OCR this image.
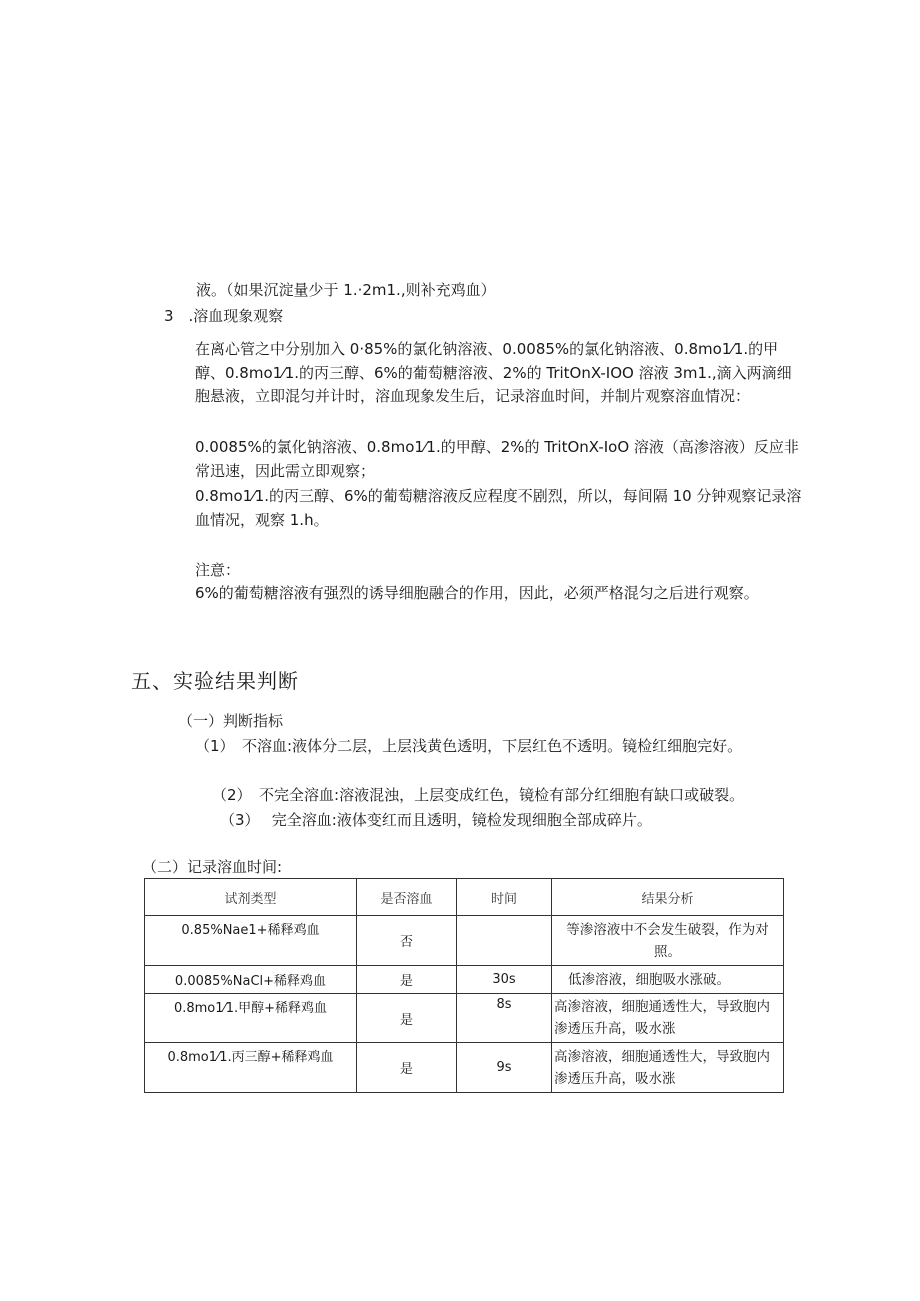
液。（如果沉淀量少于 1.·2m1.,则补充鸡血）
3　.溶血现象观察
在离心管之中分别加入 0·85%的氯化钠溶液、0.0085%的氯化钠溶液、0.8mo1⁄1.的甲醇、0.8mo1⁄1.的丙三醇、6%的葡萄糖溶液、2%的 TritOnX-IOO 溶液 3m1.,滴入两滴细胞悬液，立即混匀并计时，溶血现象发生后，记录溶血时间，并制片观察溶血情况：
0.0085%的氯化钠溶液、0.8mo1⁄1.的甲醇、2%的 TritOnX-IoO 溶液（高渗溶液）反应非常迅速，因此需立即观察；
0.8mo1⁄1.的丙三醇、6%的葡萄糖溶液反应程度不剧烈，所以，每间隔 10 分钟观察记录溶血情况，观察 1.h。
注意：
6%的葡萄糖溶液有强烈的诱导细胞融合的作用，因此，必须严格混匀之后进行观察。
五、实验结果判断
（一）判断指标
（1）　不溶血:液体分二层，上层浅黄色透明，下层红色不透明。镜检红细胞完好。
（2）　不完全溶血:溶液混浊，上层变成红色，镜检有部分红细胞有缺口或破裂。
（3）　 完全溶血:液体变红而且透明，镜检发现细胞全部成碎片。
（二）记录溶血时间:
试剂类型	是否溶血	时间	结果分析
0.85%Nae1+稀释鸡血	否		等渗溶液中不会发生破裂，作为对照。
0.0085%NaCl+稀释鸡血	是	30s	低渗溶液，细胞吸水涨破。
0.8mo1⁄1.甲醇+稀释鸡血	是	8s	高渗溶液，细胞通透性大，导致胞内渗透压升高，吸水涨
0.8mo1⁄1.丙三醇+稀释鸡血	是	9s	高渗溶液，细胞通透性大，导致胞内渗透压升高，吸水涨
